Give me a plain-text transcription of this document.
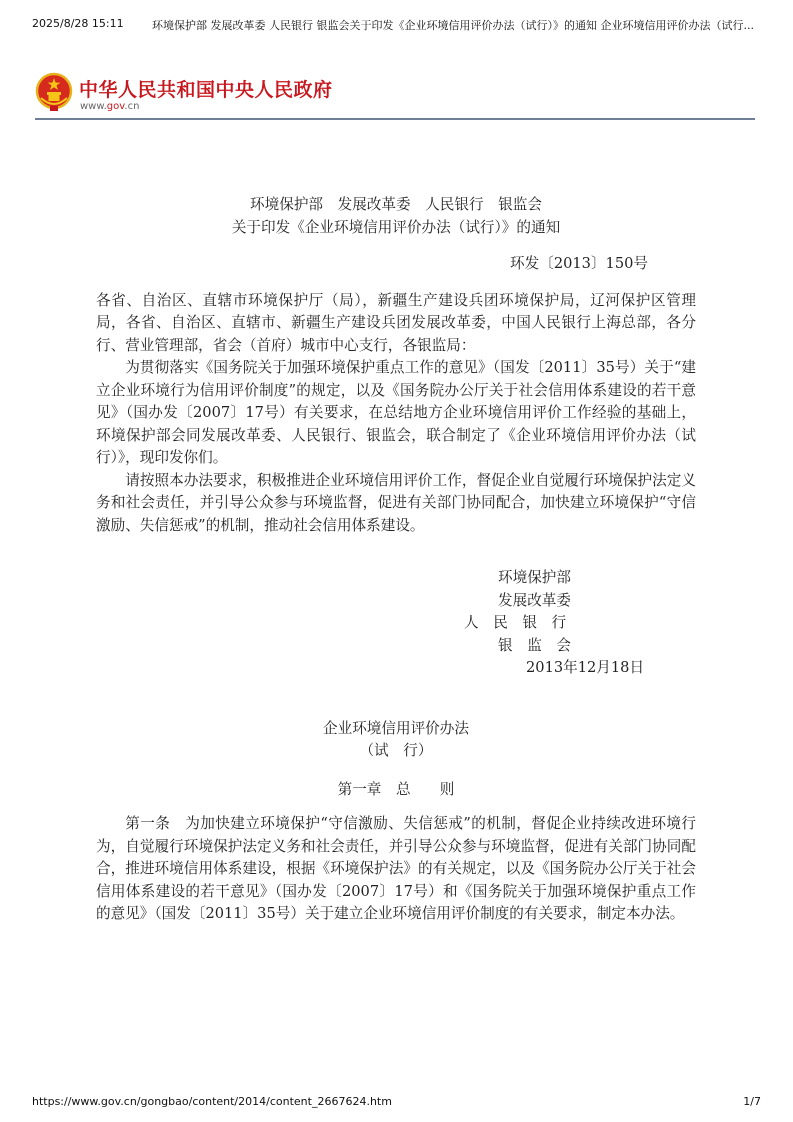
2025/8/28 15:11	环境保护部 发展改革委 人民银行 银监会关于印发《企业环境信用评价办法（试行）》的通知 企业环境信用评价办法（试行...
中华人民共和国中央人民政府
www.gov.cn

环境保护部　发展改革委　人民银行　银监会

关于印发《企业环境信用评价办法（试行）》的通知

环发〔2013〕150号

各省、自治区、直辖市环境保护厅（局），新疆生产建设兵团环境保护局，辽河保护区管理局，各省、自治区、直辖市、新疆生产建设兵团发展改革委，中国人民银行上海总部，各分行、营业管理部，省会（首府）城市中心支行，各银监局：

为贯彻落实《国务院关于加强环境保护重点工作的意见》（国发〔2011〕35号）关于“建立企业环境行为信用评价制度”的规定，以及《国务院办公厅关于社会信用体系建设的若干意见》（国办发〔2007〕17号）有关要求，在总结地方企业环境信用评价工作经验的基础上，环境保护部会同发展改革委、人民银行、银监会，联合制定了《企业环境信用评价办法（试行）》，现印发你们。

请按照本办法要求，积极推进企业环境信用评价工作，督促企业自觉履行环境保护法定义务和社会责任，并引导公众参与环境监督，促进有关部门协同配合，加快建立环境保护“守信激励、失信惩戒”的机制，推动社会信用体系建设。

环境保护部

发展改革委

人　民　银　行

银　监　会

2013年12月18日

企业环境信用评价办法

（试　行）

第一章　总　　则

第一条　为加快建立环境保护“守信激励、失信惩戒”的机制，督促企业持续改进环境行为，自觉履行环境保护法定义务和社会责任，并引导公众参与环境监督，促进有关部门协同配合，推进环境信用体系建设，根据《环境保护法》的有关规定，以及《国务院办公厅关于社会信用体系建设的若干意见》（国办发〔2007〕17号）和《国务院关于加强环境保护重点工作的意见》（国发〔2011〕35号）关于建立企业环境信用评价制度的有关要求，制定本办法。

https://www.gov.cn/gongbao/content/2014/content_2667624.htm	1/7
